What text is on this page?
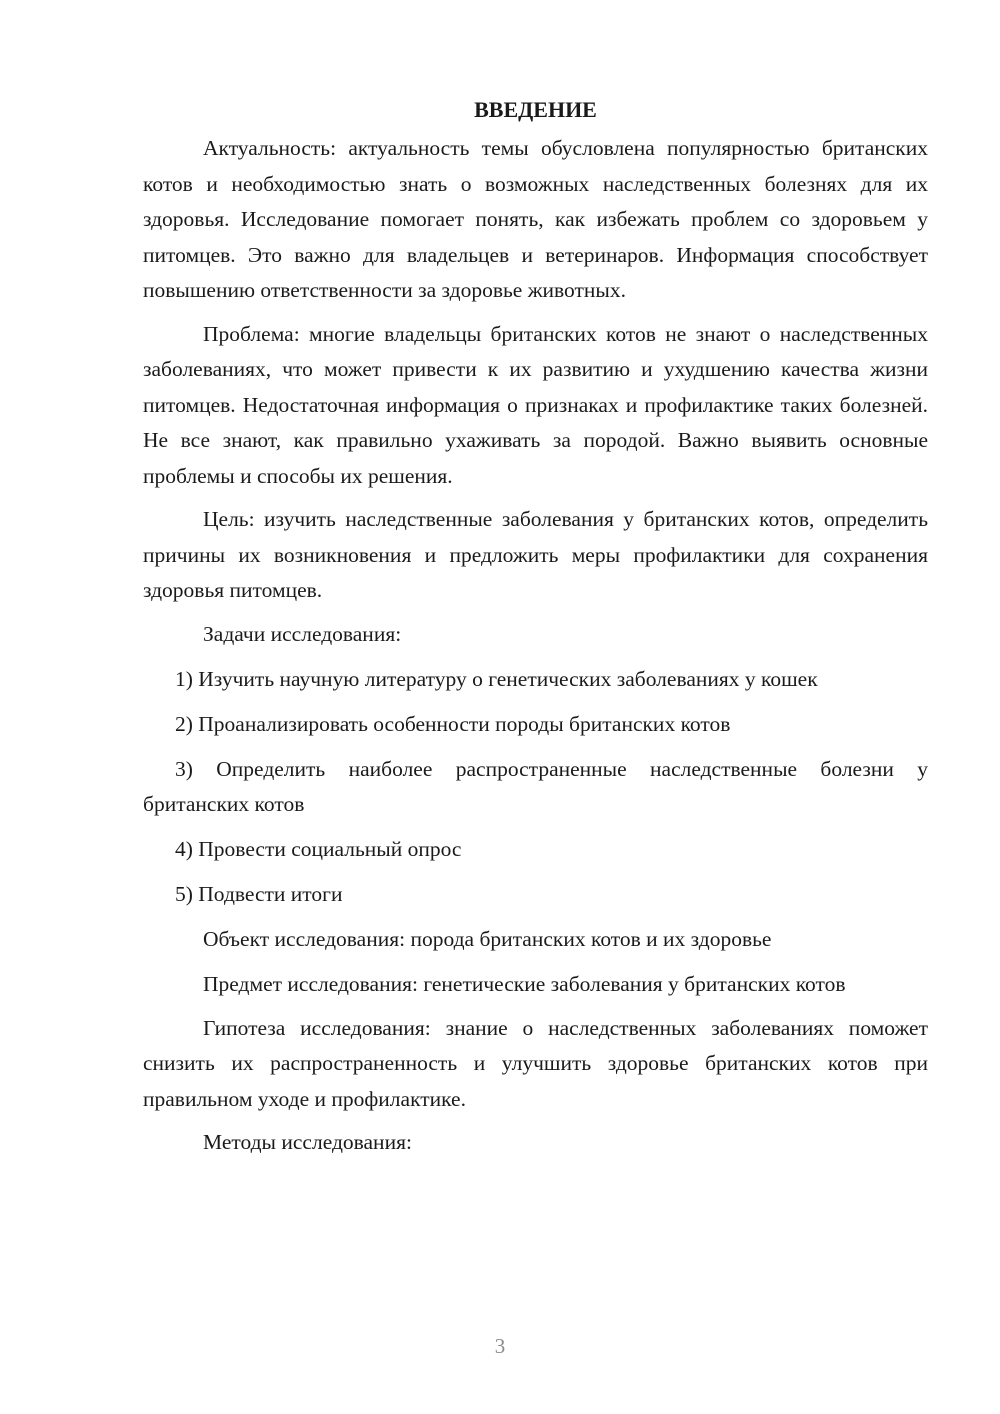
ВВЕДЕНИЕ

Актуальность: актуальность темы обусловлена популярностью британских котов и необходимостью знать о возможных наследственных болезнях для их здоровья. Исследование помогает понять, как избежать проблем со здоровьем у питомцев. Это важно для владельцев и ветеринаров. Информация способствует повышению ответственности за здоровье животных.

Проблема: многие владельцы британских котов не знают о наследственных заболеваниях, что может привести к их развитию и ухудшению качества жизни питомцев. Недостаточная информация о признаках и профилактике таких болезней. Не все знают, как правильно ухаживать за породой. Важно выявить основные проблемы и способы их решения.

Цель: изучить наследственные заболевания у британских котов, определить причины их возникновения и предложить меры профилактики для сохранения здоровья питомцев.

Задачи исследования:

1) Изучить научную литературу о генетических заболеваниях у кошек

2) Проанализировать особенности породы британских котов

3) Определить наиболее распространенные наследственные болезни у британских котов

4) Провести социальный опрос

5) Подвести итоги

Объект исследования: порода британских котов и их здоровье

Предмет исследования: генетические заболевания у британских котов

Гипотеза исследования: знание о наследственных заболеваниях поможет снизить их распространенность и улучшить здоровье британских котов при правильном уходе и профилактике.

Методы исследования:

3
